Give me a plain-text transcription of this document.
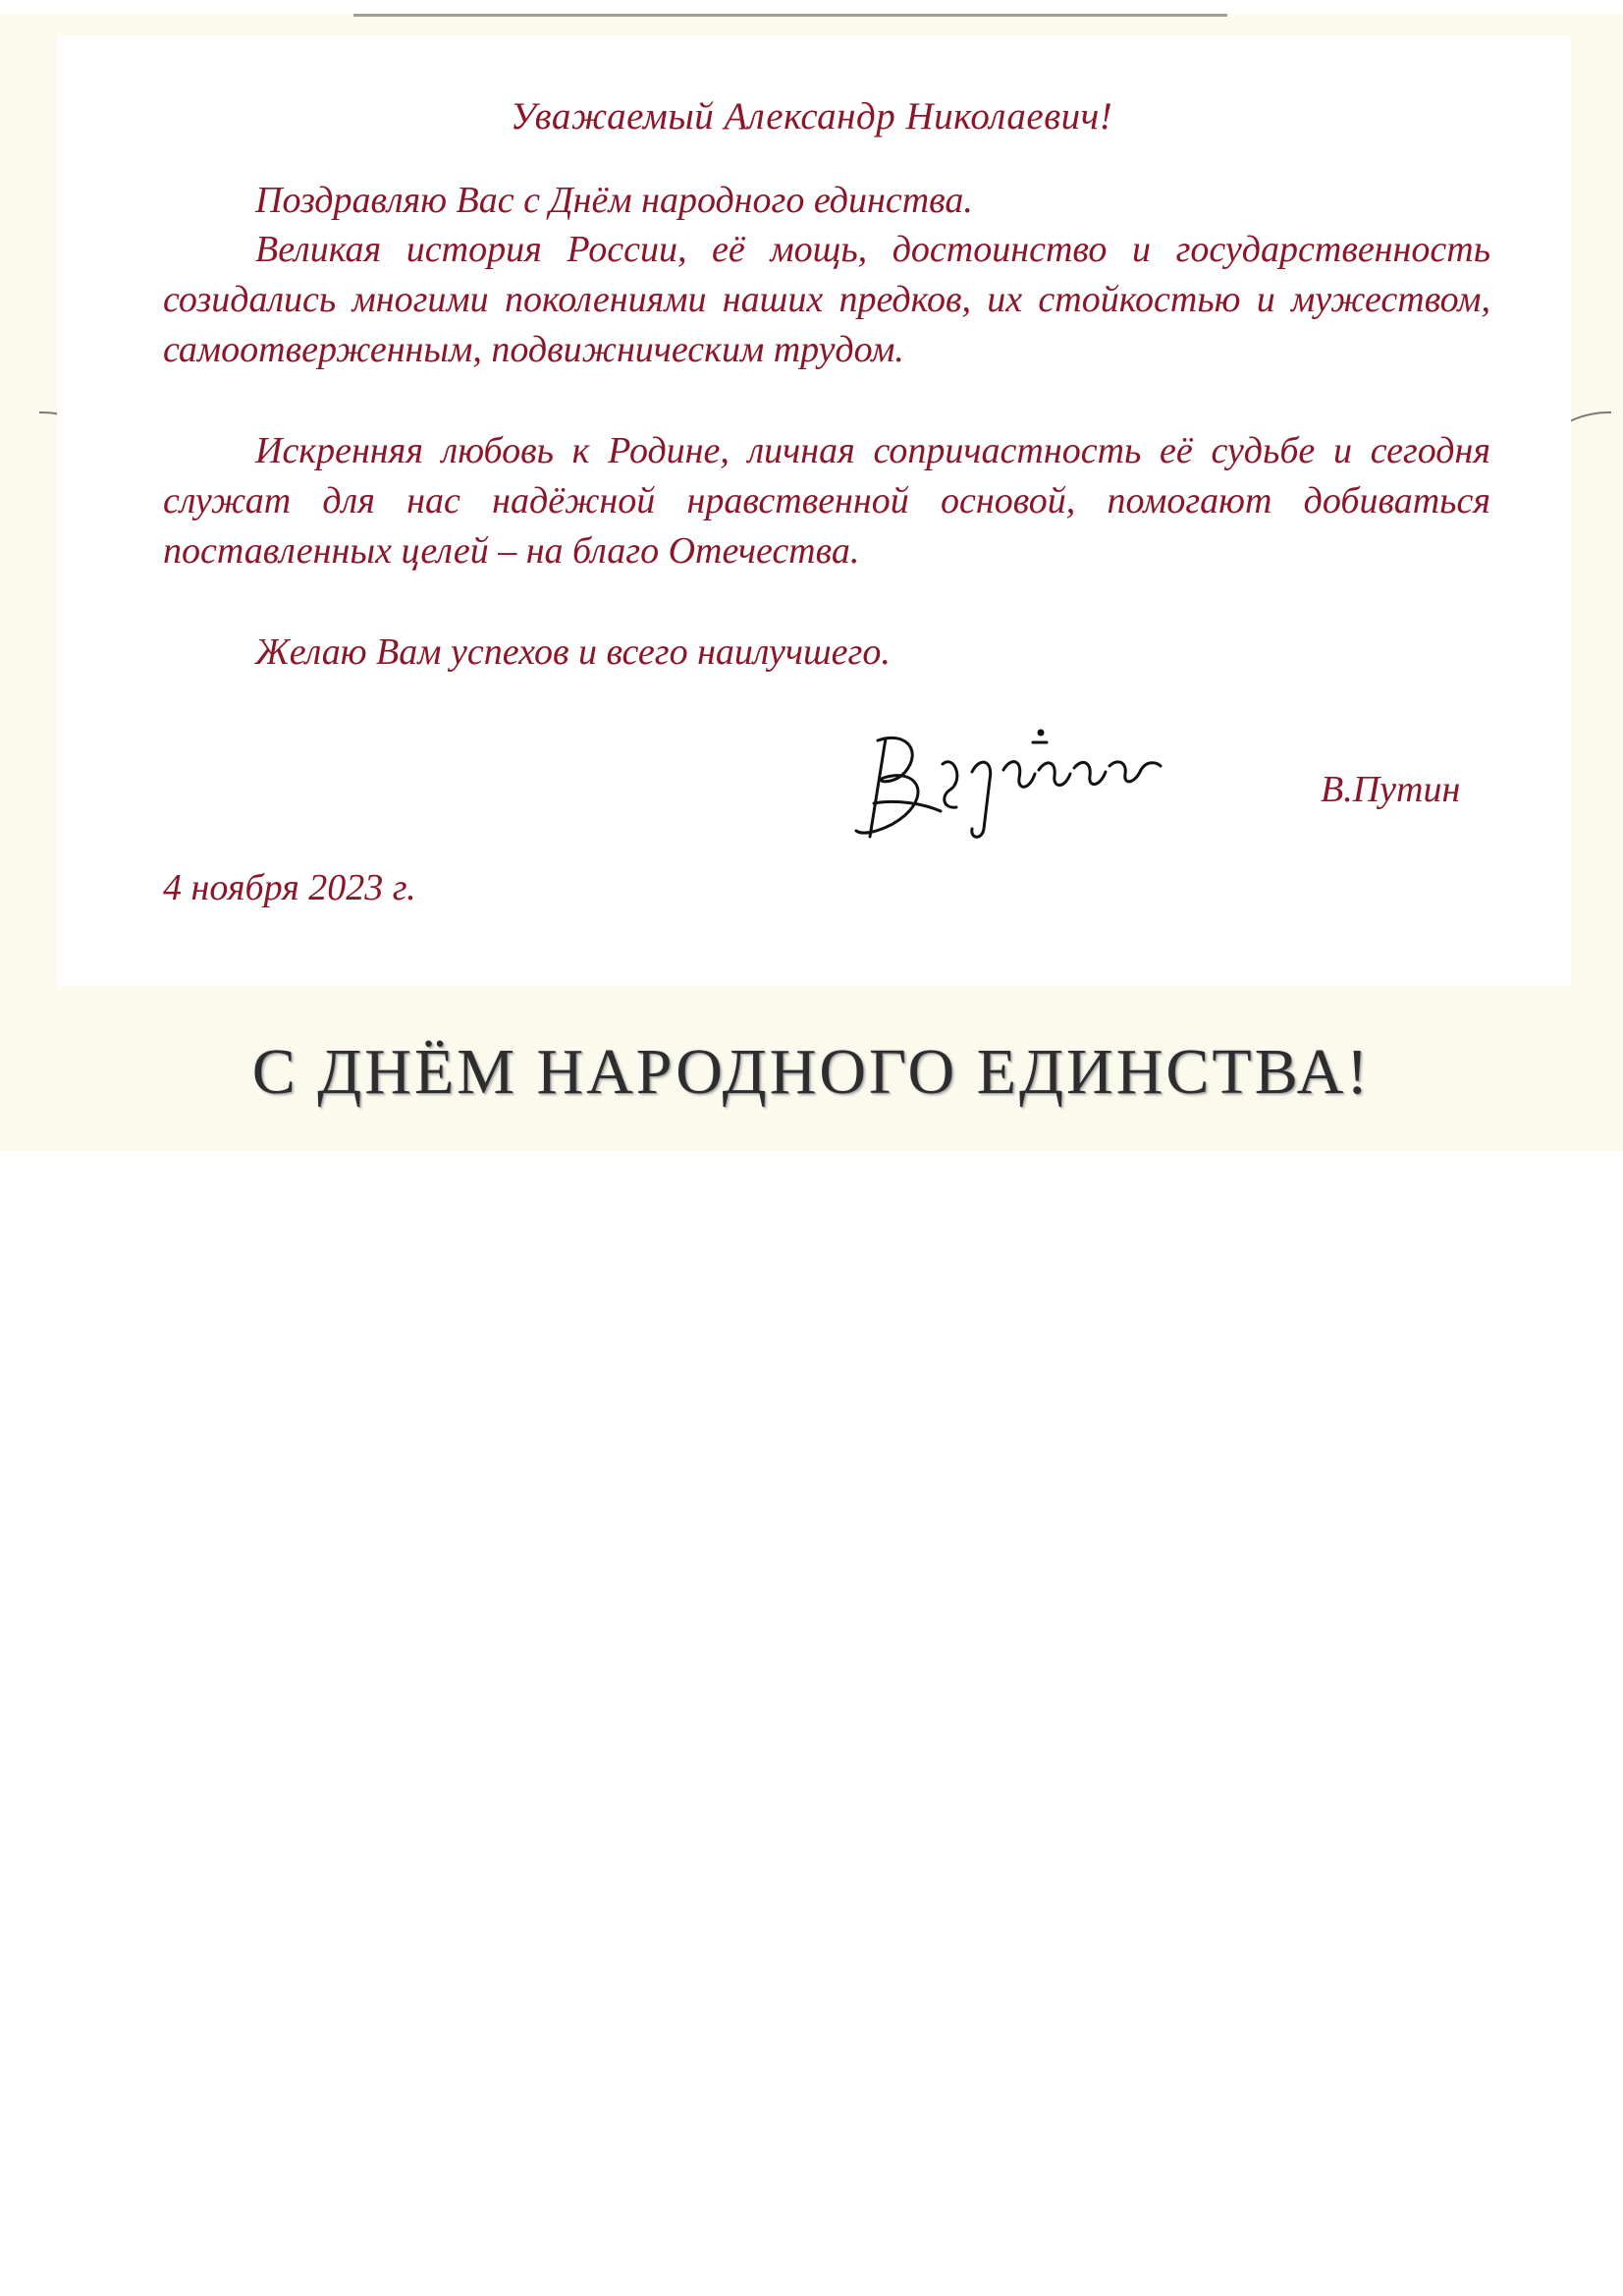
Уважаемый Александр Николаевич!

Поздравляю Вас с Днём народного единства.

Великая история России, её мощь, достоинство и государственность созидались многими поколениями наших предков, их стойкостью и мужеством, самоотверженным, подвижническим трудом.

Искренняя любовь к Родине, личная сопричастность её судьбе и сегодня служат для нас надёжной нравственной основой, помогают добиваться поставленных целей – на благо Отечества.

Желаю Вам успехов и всего наилучшего.

В.Путин
4 ноября 2023 г.
С ДНЁМ НАРОДНОГО ЕДИНСТВА!
